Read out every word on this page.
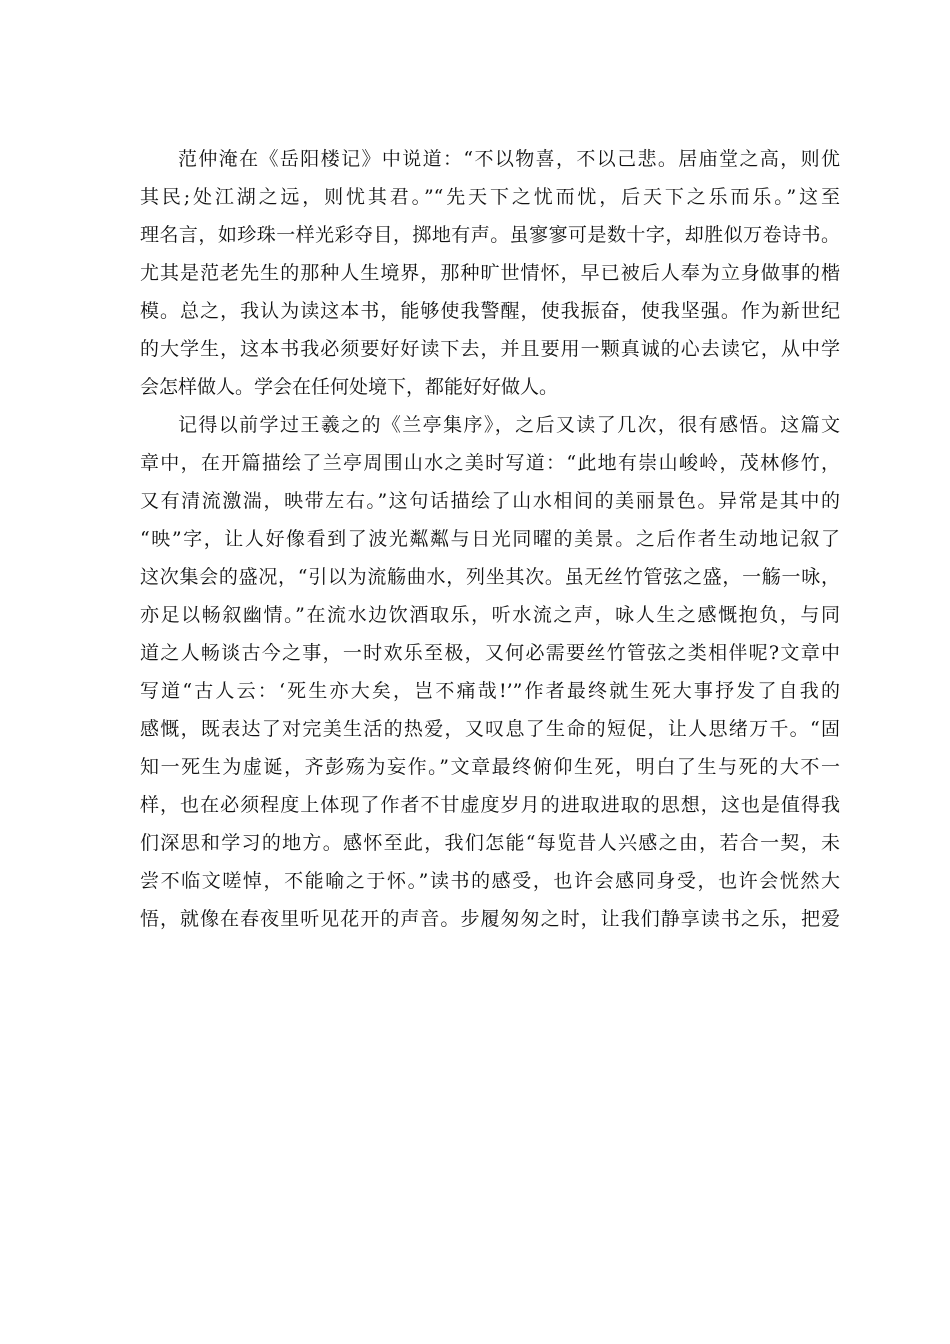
范仲淹在《岳阳楼记》中说道：“不以物喜，不以己悲。居庙堂之高，则优
其民;处江湖之远，则忧其君。”“先天下之忧而忧，后天下之乐而乐。”这至
理名言，如珍珠一样光彩夺目，掷地有声。虽寥寥可是数十字，却胜似万卷诗书。
尤其是范老先生的那种人生境界，那种旷世情怀，早已被后人奉为立身做事的楷
模。总之，我认为读这本书，能够使我警醒，使我振奋，使我坚强。作为新世纪
的大学生，这本书我必须要好好读下去，并且要用一颗真诚的心去读它，从中学
会怎样做人。学会在任何处境下，都能好好做人。
记得以前学过王羲之的《兰亭集序》，之后又读了几次，很有感悟。这篇文
章中，在开篇描绘了兰亭周围山水之美时写道：“此地有崇山峻岭，茂林修竹，
又有清流激湍，映带左右。”这句话描绘了山水相间的美丽景色。异常是其中的
“映”字，让人好像看到了波光粼粼与日光同曜的美景。之后作者生动地记叙了
这次集会的盛况，“引以为流觞曲水，列坐其次。虽无丝竹管弦之盛，一觞一咏，
亦足以畅叙幽情。”在流水边饮酒取乐，听水流之声，咏人生之感慨抱负，与同
道之人畅谈古今之事，一时欢乐至极，又何必需要丝竹管弦之类相伴呢?文章中
写道“古人云：‘死生亦大矣，岂不痛哉!’”作者最终就生死大事抒发了自我的
感慨，既表达了对完美生活的热爱，又叹息了生命的短促，让人思绪万千。“固
知一死生为虚诞，齐彭殇为妄作。”文章最终俯仰生死，明白了生与死的大不一
样，也在必须程度上体现了作者不甘虚度岁月的进取进取的思想，这也是值得我
们深思和学习的地方。感怀至此，我们怎能“每览昔人兴感之由，若合一契，未
尝不临文嗟悼，不能喻之于怀。”读书的感受，也许会感同身受，也许会恍然大
悟，就像在春夜里听见花开的声音。步履匆匆之时，让我们静享读书之乐，把爱
